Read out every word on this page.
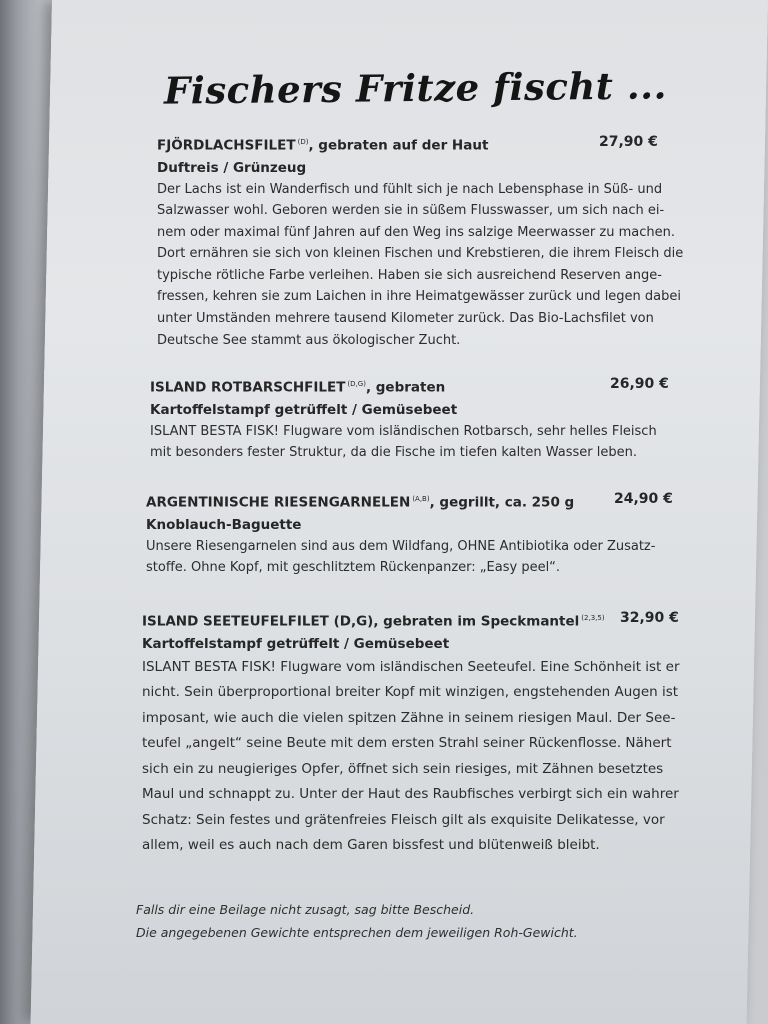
Fischers Fritze fischt ...
FJÖRDLACHSFILET $^{(D)}$, gebraten auf der Haut	27,90 €
Duftreis / Grünzeug
Der Lachs ist ein Wanderfisch und fühlt sich je nach Lebensphase in Süß- und
Salzwasser wohl. Geboren werden sie in süßem Flusswasser, um sich nach ei-
nem oder maximal fünf Jahren auf den Weg ins salzige Meerwasser zu machen.
Dort ernähren sie sich von kleinen Fischen und Krebstieren, die ihrem Fleisch die
typische rötliche Farbe verleihen. Haben sie sich ausreichend Reserven ange-
fressen, kehren sie zum Laichen in ihre Heimatgewässer zurück und legen dabei
unter Umständen mehrere tausend Kilometer zurück. Das Bio-Lachsfilet von
Deutsche See stammt aus ökologischer Zucht.
ISLAND ROTBARSCHFILET $^{(D,G)}$, gebraten	26,90 €
Kartoffelstampf getrüffelt / Gemüsebeet
ISLANT BESTA FISK! Flugware vom isländischen Rotbarsch, sehr helles Fleisch
mit besonders fester Struktur, da die Fische im tiefen kalten Wasser leben.
ARGENTINISCHE RIESENGARNELEN $^{(A,B)}$, gegrillt, ca. 250 g	24,90 €
Knoblauch-Baguette
Unsere Riesengarnelen sind aus dem Wildfang, OHNE Antibiotika oder Zusatz-
stoffe. Ohne Kopf, mit geschlitztem Rückenpanzer: „Easy peel“.
ISLAND SEETEUFELFILET (D,G), gebraten im Speckmantel $^{(2,3,5)}$ 32,90 €
Kartoffelstampf getrüffelt / Gemüsebeet
ISLANT BESTA FISK! Flugware vom isländischen Seeteufel. Eine Schönheit ist er
nicht. Sein überproportional breiter Kopf mit winzigen, engstehenden Augen ist
imposant, wie auch die vielen spitzen Zähne in seinem riesigen Maul. Der See-
teufel „angelt“ seine Beute mit dem ersten Strahl seiner Rückenflosse. Nähert
sich ein zu neugieriges Opfer, öffnet sich sein riesiges, mit Zähnen besetztes
Maul und schnappt zu. Unter der Haut des Raubfisches verbirgt sich ein wahrer
Schatz: Sein festes und grätenfreies Fleisch gilt als exquisite Delikatesse, vor
allem, weil es auch nach dem Garen bissfest und blütenweiß bleibt.
Falls dir eine Beilage nicht zusagt, sag bitte Bescheid.
Die angegebenen Gewichte entsprechen dem jeweiligen Roh-Gewicht.
